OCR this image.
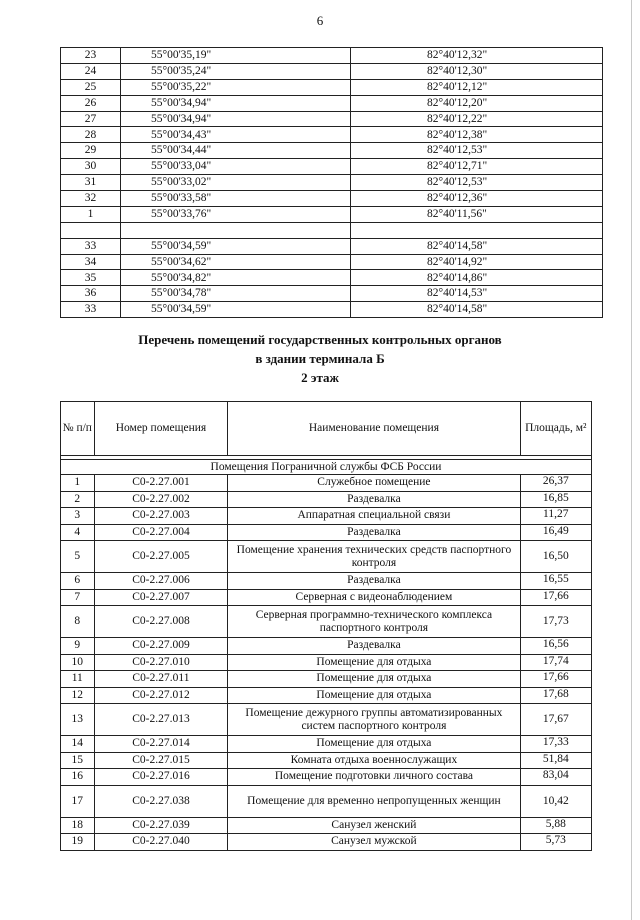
6
23	55°00'35,19"	82°40'12,32"
24	55°00'35,24"	82°40'12,30"
25	55°00'35,22"	82°40'12,12"
26	55°00'34,94"	82°40'12,20"
27	55°00'34,94"	82°40'12,22"
28	55°00'34,43"	82°40'12,38"
29	55°00'34,44"	82°40'12,53"
30	55°00'33,04"	82°40'12,71"
31	55°00'33,02"	82°40'12,53"
32	55°00'33,58"	82°40'12,36"
1	55°00'33,76"	82°40'11,56"

33	55°00'34,59"	82°40'14,58"
34	55°00'34,62"	82°40'14,92"
35	55°00'34,82"	82°40'14,86"
36	55°00'34,78"	82°40'14,53"
33	55°00'34,59"	82°40'14,58"
Перечень помещений государственных контрольных органов
в здании терминала Б
2 этаж
№ п/п	Номер помещения	Наименование помещения	Площадь, м²

Помещения Пограничной службы ФСБ России			
1	С0-2.27.001	Служебное помещение	26,37
2	С0-2.27.002	Раздевалка	16,85
3	С0-2.27.003	Аппаратная специальной связи	11,27
4	С0-2.27.004	Раздевалка	16,49
5	С0-2.27.005	Помещение хранения технических средств паспортного контроля	16,50
6	С0-2.27.006	Раздевалка	16,55
7	С0-2.27.007	Серверная с видеонаблюдением	17,66
8	С0-2.27.008	Серверная программно-технического комплекса паспортного контроля	17,73
9	С0-2.27.009	Раздевалка	16,56
10	С0-2.27.010	Помещение для отдыха	17,74
11	С0-2.27.011	Помещение для отдыха	17,66
12	С0-2.27.012	Помещение для отдыха	17,68
13	С0-2.27.013	Помещение дежурного группы автоматизированных систем паспортного контроля	17,67
14	С0-2.27.014	Помещение для отдыха	17,33
15	С0-2.27.015	Комната отдыха военнослужащих	51,84
16	С0-2.27.016	Помещение подготовки личного состава	83,04
17	С0-2.27.038	Помещение для временно непропущенных женщин	10,42
18	С0-2.27.039	Санузел женский	5,88
19	С0-2.27.040	Санузел мужской	5,73
